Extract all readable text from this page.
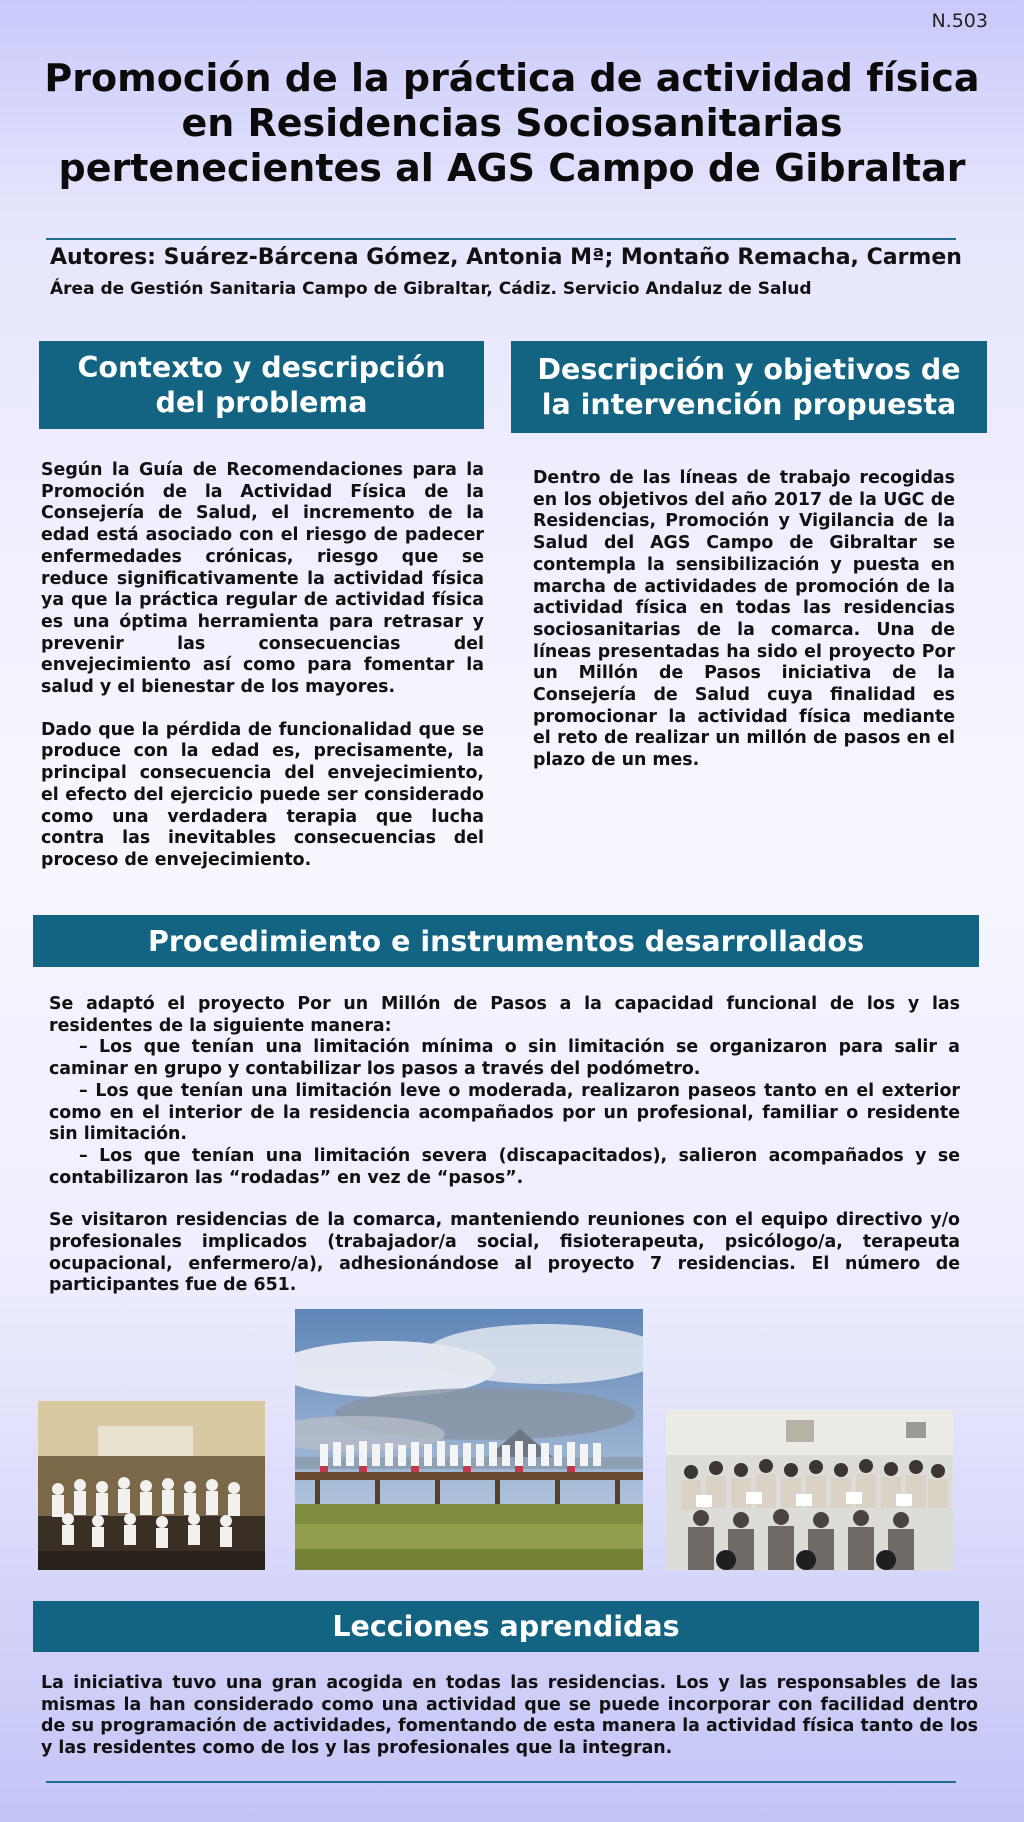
N.503
Promoción de la práctica de actividad física
en Residencias Sociosanitarias
pertenecientes al AGS Campo de Gibraltar
Autores: Suárez-Bárcena Gómez, Antonia Mª; Montaño Remacha, Carmen
Área de Gestión Sanitaria Campo de Gibraltar, Cádiz. Servicio Andaluz de Salud
Contexto y descripción
del problema

Según la Guía de Recomendaciones para la Promoción de la Actividad Física de la Consejería de Salud, el incremento de la edad está asociado con el riesgo de padecer enfermedades crónicas, riesgo que se reduce significativamente la actividad física ya que la práctica regular de actividad física es una óptima herramienta para retrasar y prevenir las consecuencias del envejecimiento así como para fomentar la salud y el bienestar de los mayores.

Dado que la pérdida de funcionalidad que se produce con la edad es, precisamente, la principal consecuencia del envejecimiento, el efecto del ejercicio puede ser considerado como una verdadera terapia que lucha contra las inevitables consecuencias del proceso de envejecimiento.

Descripción y objetivos de
la intervención propuesta

Dentro de las líneas de trabajo recogidas en los objetivos del año 2017 de la UGC de Residencias, Promoción y Vigilancia de la Salud del AGS Campo de Gibraltar se contempla la sensibilización y puesta en marcha de actividades de promoción de la actividad física en todas las residencias sociosanitarias de la comarca. Una de líneas presentadas ha sido el proyecto Por un Millón de Pasos iniciativa de la Consejería de Salud cuya finalidad es promocionar la actividad física mediante el reto de realizar un millón de pasos en el plazo de un mes.

Procedimiento e instrumentos desarrollados

Se adaptó el proyecto Por un Millón de Pasos a la capacidad funcional de los y las residentes de la siguiente manera:

– Los que tenían una limitación mínima o sin limitación se organizaron para salir a caminar en grupo y contabilizar los pasos a través del podómetro.

– Los que tenían una limitación leve o moderada, realizaron paseos tanto en el exterior como en el interior de la residencia acompañados por un profesional, familiar o residente sin limitación.

– Los que tenían una limitación severa (discapacitados), salieron acompañados y se contabilizaron las “rodadas” en vez de “pasos”.

Se visitaron residencias de la comarca, manteniendo reuniones con el equipo directivo y/o profesionales implicados (trabajador/a social, fisioterapeuta, psicólogo/a, terapeuta ocupacional, enfermero/a), adhesionándose al proyecto 7 residencias. El número de participantes fue de 651.

Lecciones aprendidas

La iniciativa tuvo una gran acogida en todas las residencias. Los y las responsables de las mismas la han considerado como una actividad que se puede incorporar con facilidad dentro de su programación de actividades, fomentando de esta manera la actividad física tanto de los y las residentes como de los y las profesionales que la integran.
